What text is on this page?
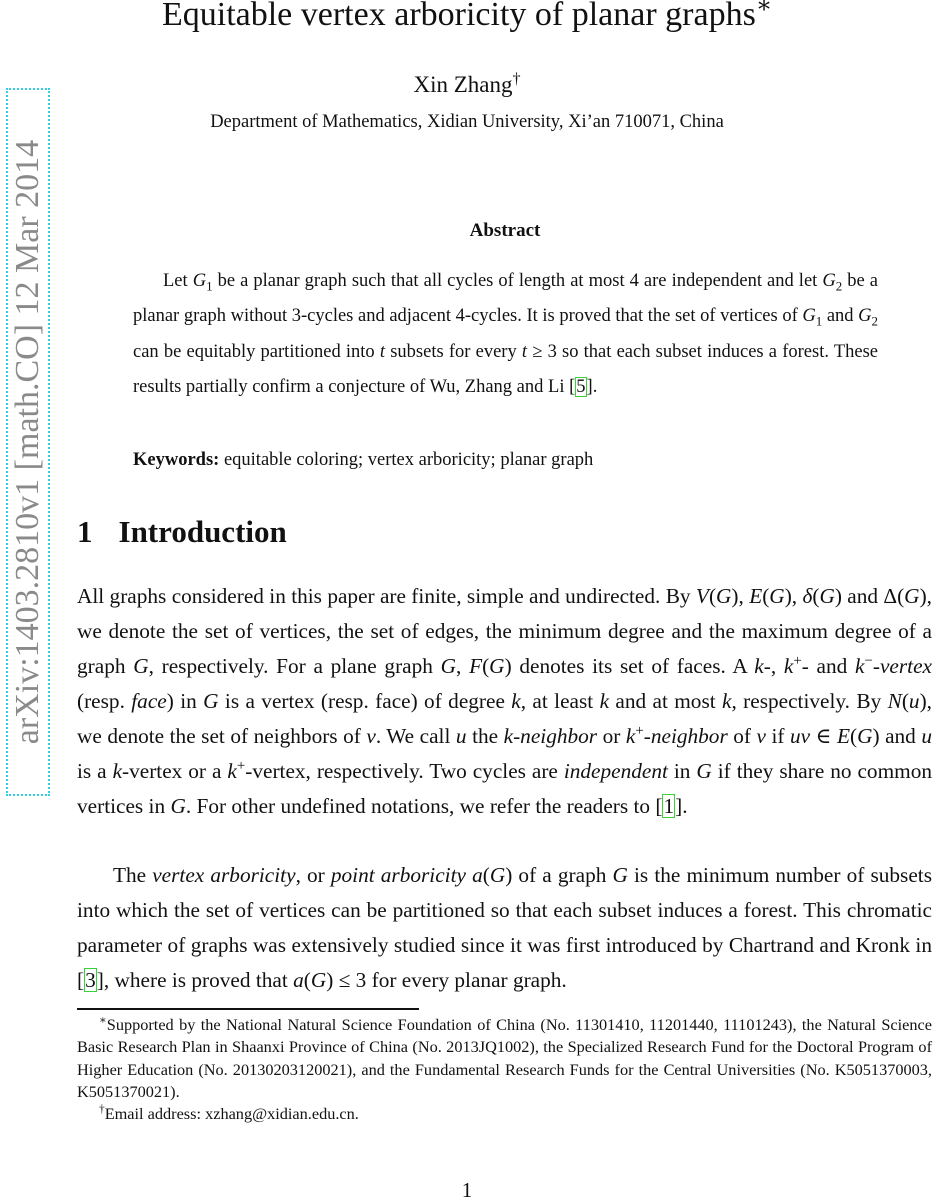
arXiv:1403.2810v1 [math.CO] 12 Mar 2014
Equitable vertex arboricity of planar graphs∗
Xin Zhang†
Department of Mathematics, Xidian University, Xi’an 710071, China
Abstract
Let $G_1$ be a planar graph such that all cycles of length at most 4 are independent and let $G_2$ be a planar graph without 3-cycles and adjacent 4-cycles. It is proved that the set of vertices of $G_1$ and $G_2$ can be equitably partitioned into t subsets for every t ≥ 3 so that each subset induces a forest. These results partially confirm a conjecture of Wu, Zhang and Li [5].
Keywords: equitable coloring; vertex arboricity; planar graph
1 Introduction
All graphs considered in this paper are finite, simple and undirected. By V(G), E(G), δ(G) and Δ(G), we denote the set of vertices, the set of edges, the minimum degree and the maximum degree of a graph G, respectively. For a plane graph G, F(G) denotes its set of faces. A k-, k+- and k−-vertex (resp. face) in G is a vertex (resp. face) of degree k, at least k and at most k, respectively. By N(u), we denote the set of neighbors of v. We call u the k-neighbor or k+-neighbor of v if uv ∈ E(G) and u is a k-vertex or a k+-vertex, respectively. Two cycles are independent in G if they share no common vertices in G. For other undefined notations, we refer the readers to [1].
The vertex arboricity, or point arboricity a(G) of a graph G is the minimum number of subsets into which the set of vertices can be partitioned so that each subset induces a forest. This chromatic parameter of graphs was extensively studied since it was first introduced by Chartrand and Kronk in [3], where is proved that a(G) ≤ 3 for every planar graph.

∗Supported by the National Natural Science Foundation of China (No. 11301410, 11201440, 11101243), the Natural Science Basic Research Plan in Shaanxi Province of China (No. 2013JQ1002), the Specialized Research Fund for the Doctoral Program of Higher Education (No. 20130203120021), and the Fundamental Research Funds for the Central Universities (No. K5051370003, K5051370021).

†Email address: xzhang@xidian.edu.cn.

1
